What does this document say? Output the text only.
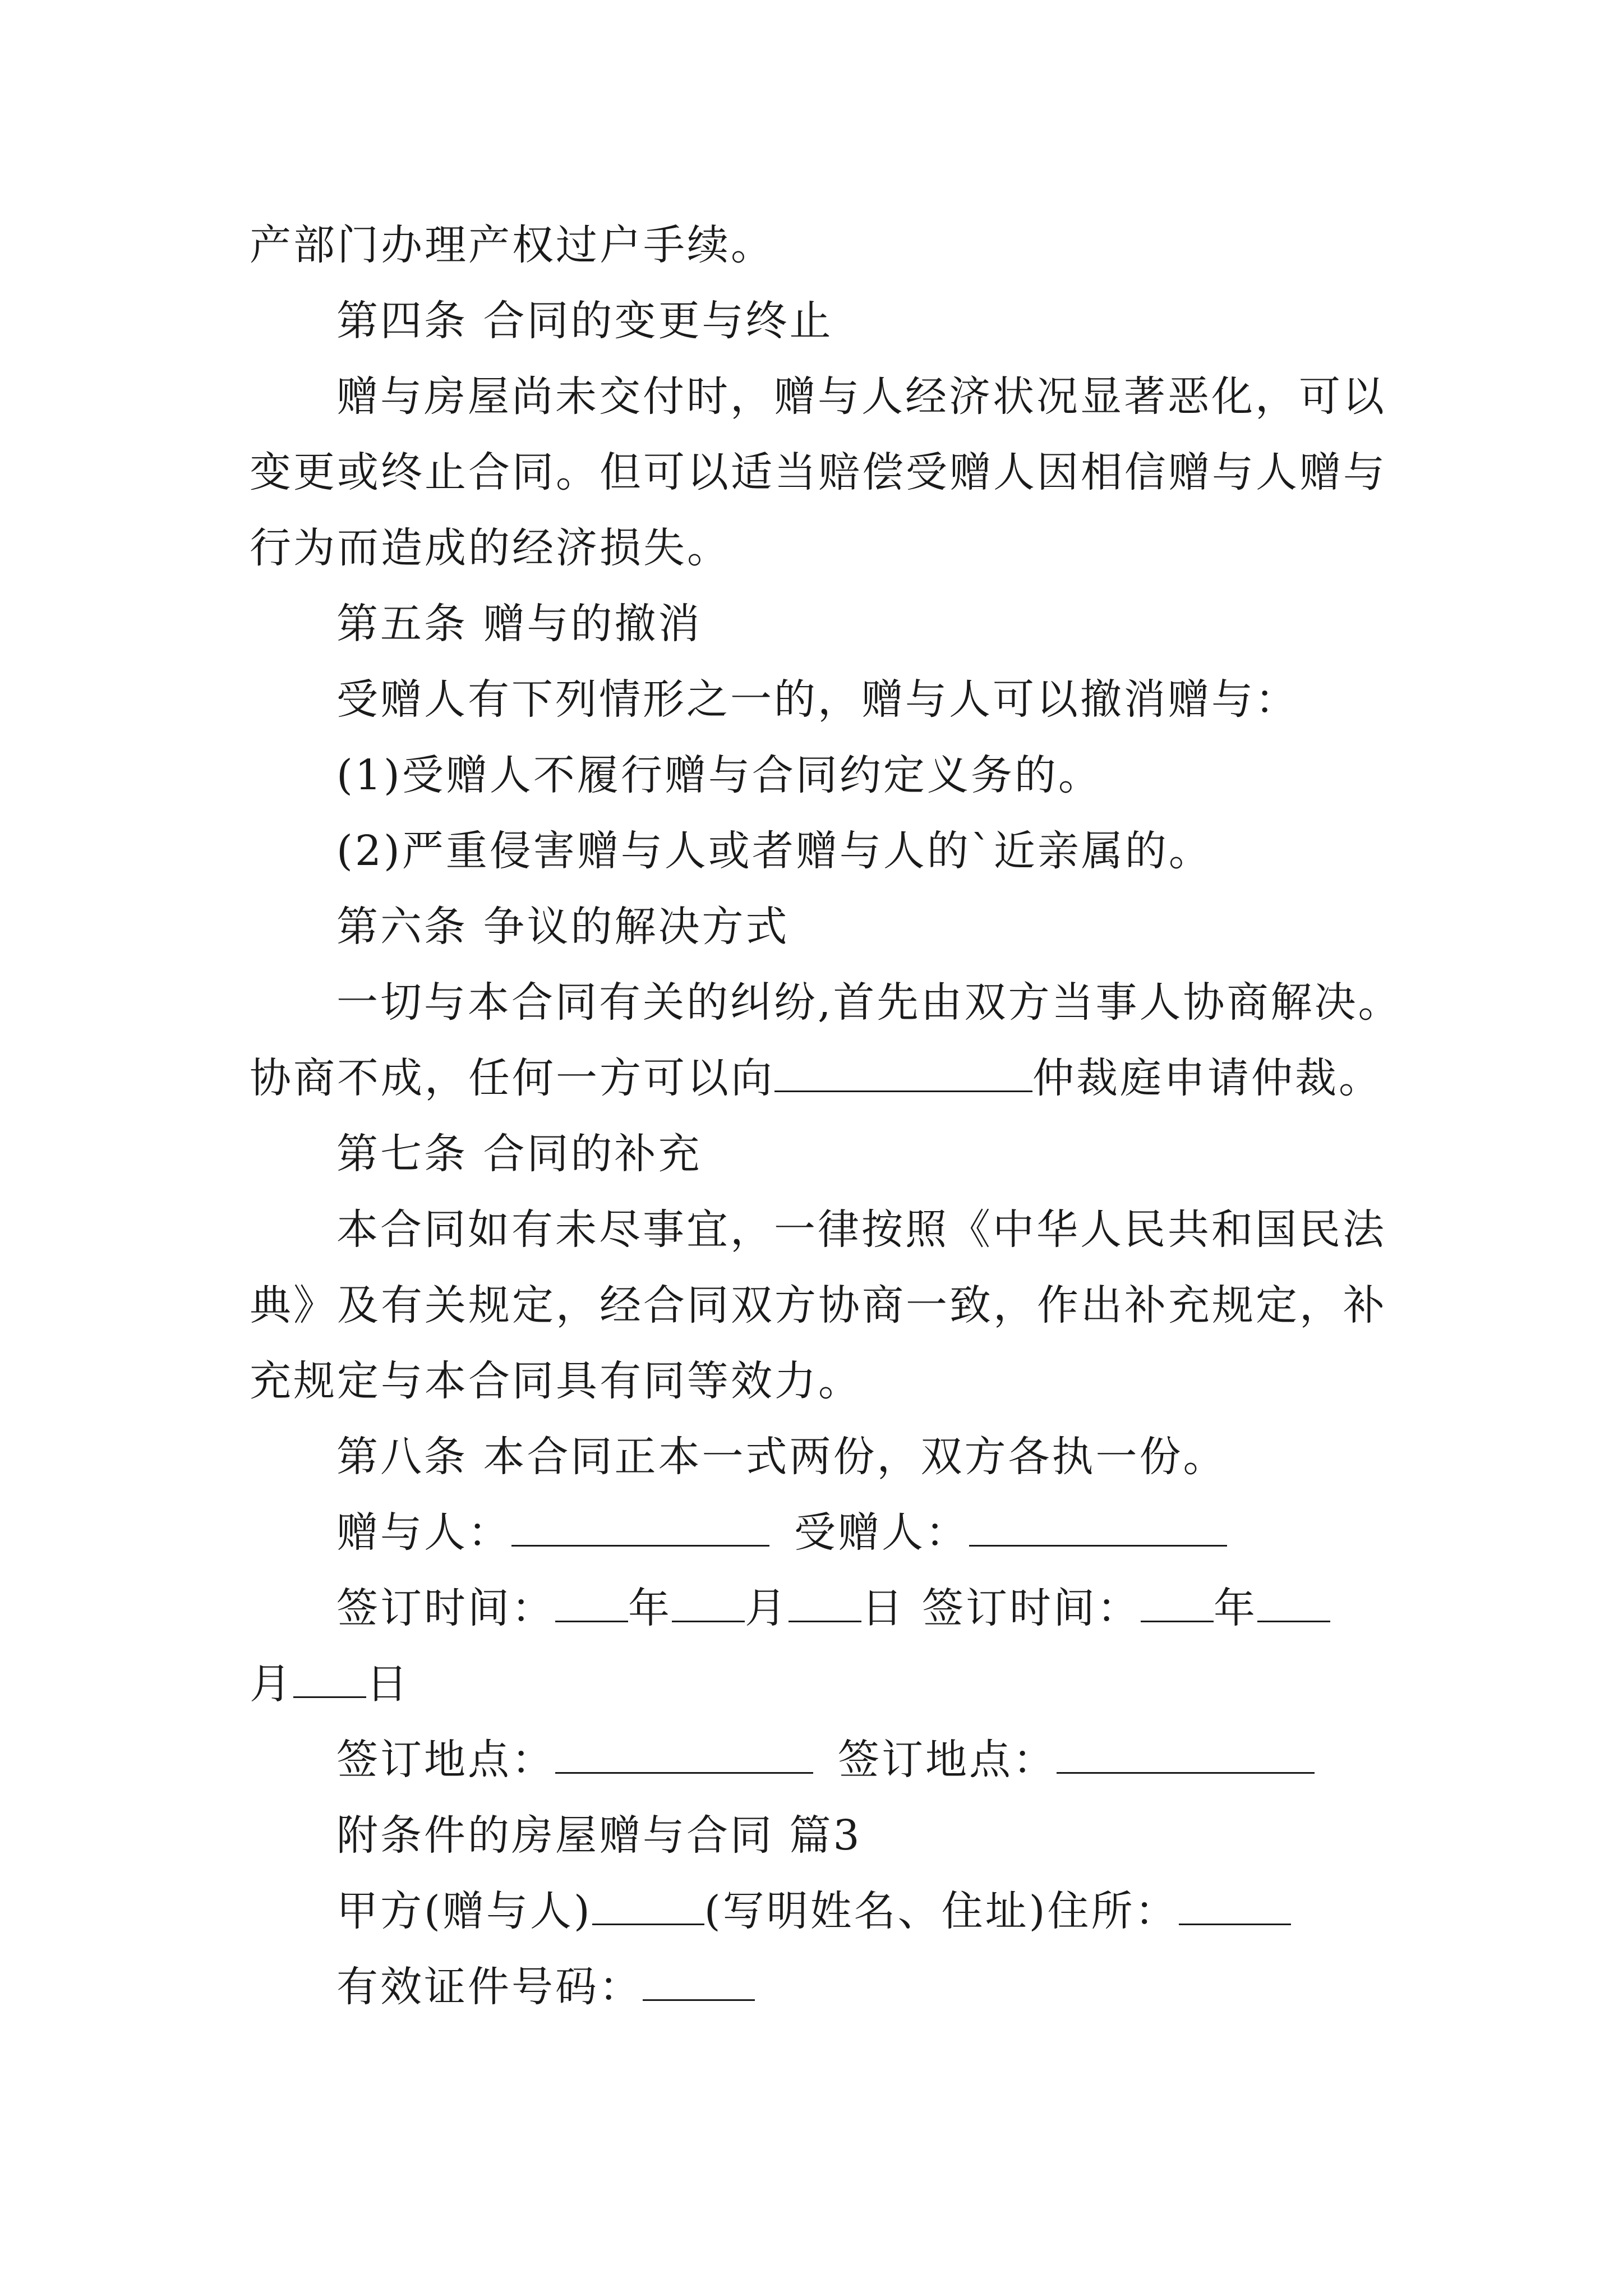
产部门办理产权过户手续。
第四条 合同的变更与终止
赠与房屋尚未交付时，赠与人经济状况显著恶化，可以
变更或终止合同。但可以适当赔偿受赠人因相信赠与人赠与
行为而造成的经济损失。
第五条 赠与的撤消
受赠人有下列情形之一的，赠与人可以撤消赠与：
(1)受赠人不履行赠与合同约定义务的。
(2)严重侵害赠与人或者赠与人的`近亲属的。
第六条 争议的解决方式
一切与本合同有关的纠纷,首先由双方当事人协商解决。
协商不成，任何一方可以向	仲裁庭申请仲裁。
第七条 合同的补充
本合同如有未尽事宜，一律按照《中华人民共和国民法
典》及有关规定，经合同双方协商一致，作出补充规定，补
充规定与本合同具有同等效力。
第八条 本合同正本一式两份，双方各执一份。
赠与人：	受赠人：
签订时间： 年 月 日 签订时间： 年
月 日
签订地点：	签订地点：
附条件的房屋赠与合同 篇3
甲方(赠与人)	(写明姓名、住址)住所：
有效证件号码：
